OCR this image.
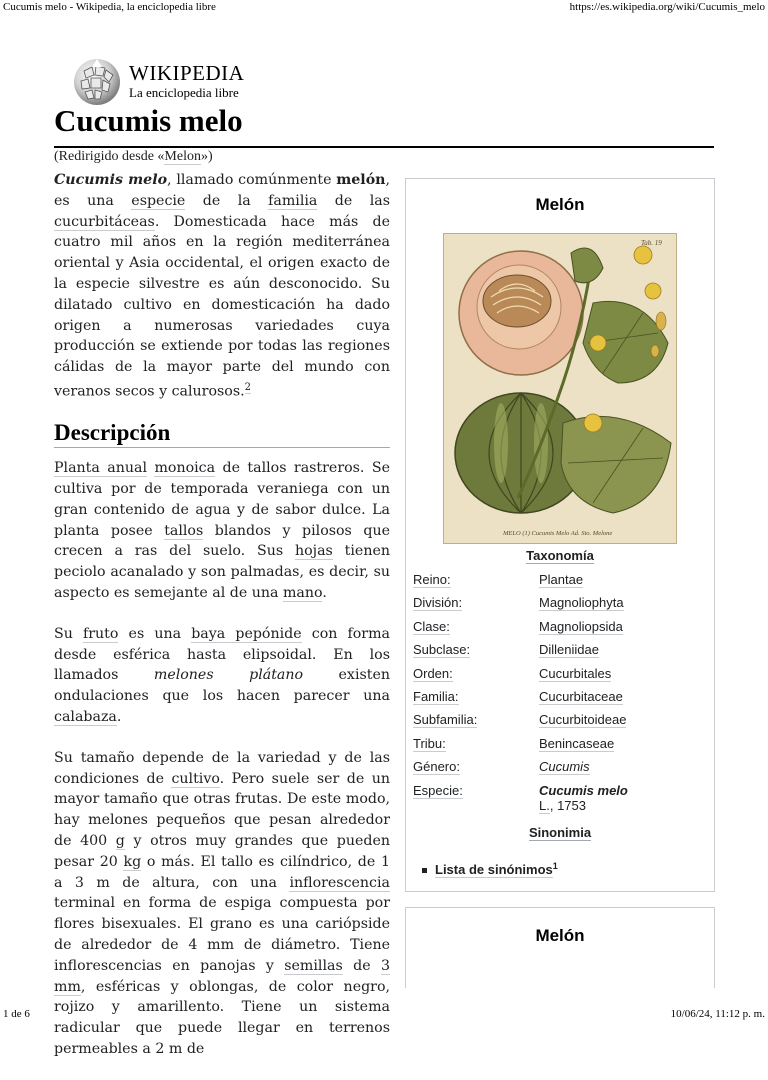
Cucumis melo - Wikipedia, la enciclopedia libre	https://es.wikipedia.org/wiki/Cucumis_melo
1 de 6	10/06/24, 11:12 p. m.
WIKIPEDIA
La enciclopedia libre
Cucumis melo
(Redirigido desde «Melon»)

Cucumis melo, llamado comúnmente melón, es una especie de la familia de las cucurbitáceas. Domesticada hace más de cuatro mil años en la región mediterránea oriental y Asia occidental, el origen exacto de la especie silvestre es aún desconocido. Su dilatado cultivo en domesticación ha dado origen a numerosas variedades cuya producción se extiende por todas las regiones cálidas de la mayor parte del mundo con veranos secos y calurosos.$^2$

Descripción

Planta anual monoica de tallos rastreros. Se cultiva por de temporada veraniega con un gran contenido de agua y de sabor dulce. La planta posee tallos blandos y pilosos que crecen a ras del suelo. Sus hojas tienen peciolo acanalado y son palmadas, es decir, su aspecto es semejante al de una mano.

Su fruto es una baya pepónide con forma desde esférica hasta elipsoidal. En los llamados melones plátano existen ondulaciones que los hacen parecer una calabaza.

Su tamaño depende de la variedad y de las condiciones de cultivo. Pero suele ser de un mayor tamaño que otras frutas. De este modo, hay melones pequeños que pesan alrededor de 400 g y otros muy grandes que pueden pesar 20 kg o más. El tallo es cilíndrico, de 1 a 3 m de altura, con una inflorescencia terminal en forma de espiga compuesta por flores bisexuales. El grano es una cariópside de alrededor de 4 mm de diámetro. Tiene inflorescencias en panojas y semillas de 3 mm, esféricas y oblongas, de color negro, rojizo y amarillento. Tiene un sistema radicular que puede llegar en terrenos permeables a 2 m de

Melón
Tab. 19
MELO (1) Cucumis Melo Ad. Sto. Melone
Taxonomía
Reino:	Plantae
División:	Magnoliophyta
Clase:	Magnoliopsida
Subclase:	Dilleniidae
Orden:	Cucurbitales
Familia:	Cucurbitaceae
Subfamilia:	Cucurbitoideae
Tribu:	Benincaseae
Género:	Cucumis
Especie:	Cucumis melo
L., 1753
Sinonimia
Lista de sinónimos$^1$
Melón
